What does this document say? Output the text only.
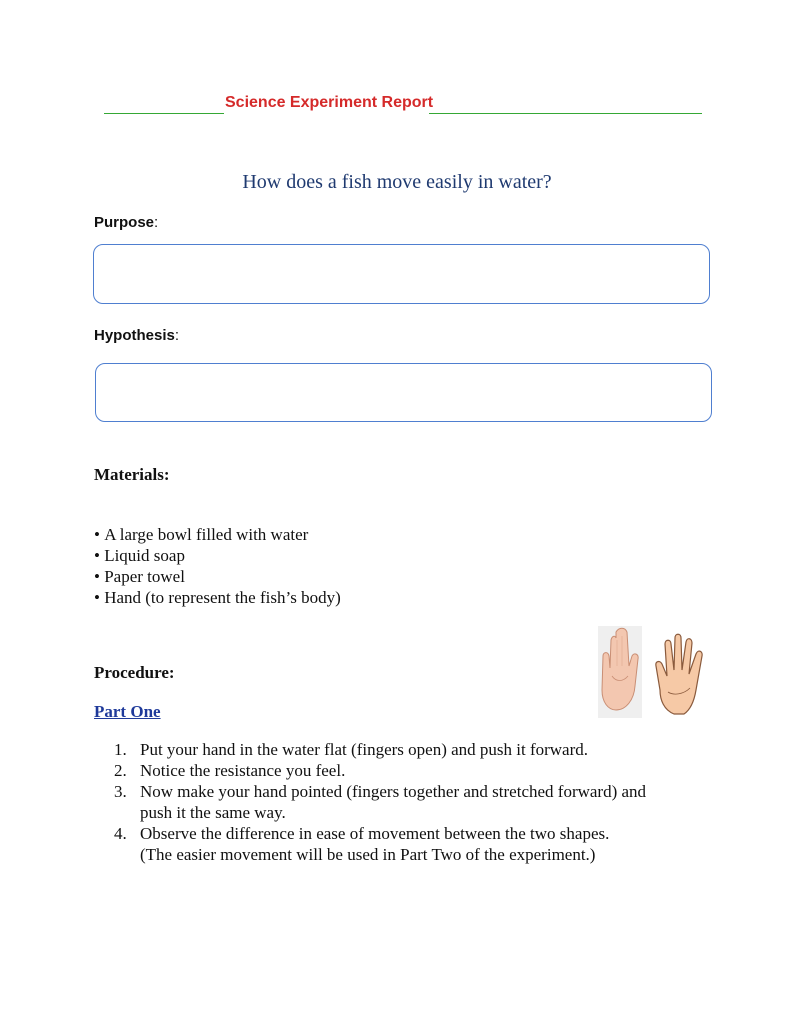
Science Experiment Report
How does a fish move easily in water?
Purpose:
Hypothesis:
Materials:
• A large bowl filled with water
• Liquid soap
• Paper towel
• Hand (to represent the fish’s body)
Procedure:
Part One
1. Put your hand in the water flat (fingers open) and push it forward.
2. Notice the resistance you feel.
3. Now make your hand pointed (fingers together and stretched forward) and
push it the same way.
4. Observe the difference in ease of movement between the two shapes.
(The easier movement will be used in Part Two of the experiment.)
